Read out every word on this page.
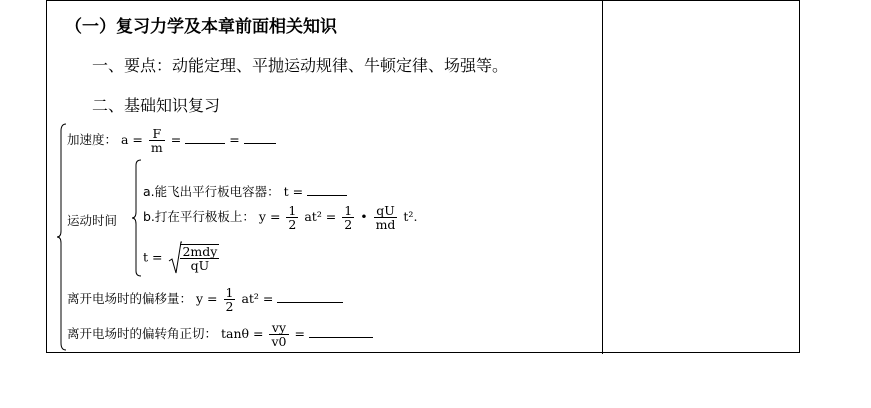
（一）复习力学及本章前面相关知识
一、要点：动能定理、平抛运动规律、牛顿定律、场强等。
二、基础知识复习
加速度： $a = \frac{F}{m}$ =	=
运动时间
a.能飞出平行板电容器： t =
b.打在平行极板上： $y = \frac{1}{2} at^2 = \frac{1}{2}$ • $\frac{qU}{md} t^2$.
$t = \frac{\text{2mdy}}{qU}$
离开电场时的偏移量： $y = \frac{1}{2} at^2$ =
离开电场时的偏转角正切： $\tan\theta = \frac{vy}{v0}$ =
